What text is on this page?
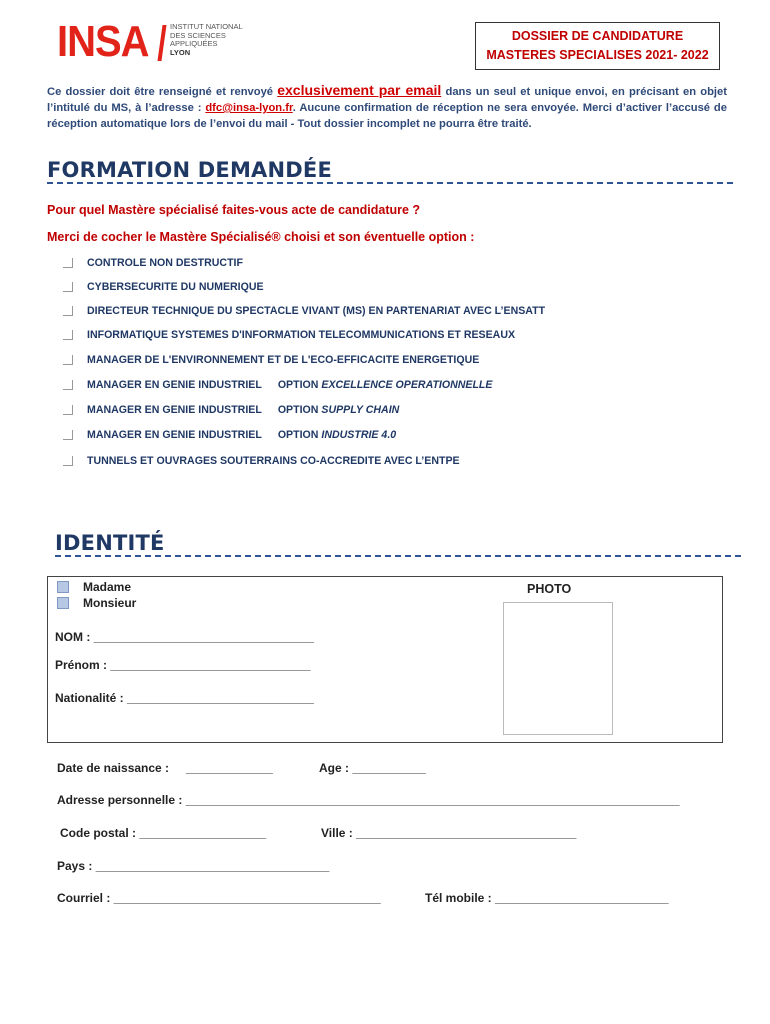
INSA	INSTITUT NATIONAL
DES SCIENCES
APPLIQUÉES
LYON
DOSSIER DE CANDIDATURE
MASTERES SPECIALISES 2021- 2022
Ce dossier doit être renseigné et renvoyé exclusivement par email dans un seul et unique envoi, en précisant en objet l’intitulé du MS, à l’adresse : dfc@insa-lyon.fr. Aucune confirmation de réception ne sera envoyée. Merci d’activer l’accusé de réception automatique lors de l’envoi du mail - Tout dossier incomplet ne pourra être traité.
FORMATION DEMANDÉE
Pour quel Mastère spécialisé faites-vous acte de candidature ?
Merci de cocher le Mastère Spécialisé® choisi et son éventuelle option :
CONTROLE NON DESTRUCTIF
CYBERSECURITE DU NUMERIQUE
DIRECTEUR TECHNIQUE DU SPECTACLE VIVANT (MS) EN PARTENARIAT AVEC L’ENSATT
INFORMATIQUE SYSTEMES D'INFORMATION TELECOMMUNICATIONS ET RESEAUX
MANAGER DE L'ENVIRONNEMENT ET DE L'ECO-EFFICACITE ENERGETIQUE
MANAGER EN GENIE INDUSTRIEL OPTION EXCELLENCE OPERATIONNELLE
MANAGER EN GENIE INDUSTRIEL OPTION SUPPLY CHAIN
MANAGER EN GENIE INDUSTRIEL OPTION INDUSTRIE 4.0
TUNNELS ET OUVRAGES SOUTERRAINS CO-ACCREDITE AVEC L’ENTPE
IDENTITÉ
Madame
Monsieur
PHOTO
NOM : _________________________________
Prénom : ______________________________
Nationalité : ____________________________
Date de naissance : _____________	Age : ___________
Adresse personnelle : __________________________________________________________________________
Code postal : ___________________	Ville : _________________________________
Pays : ___________________________________
Courriel : ________________________________________	Tél mobile : __________________________
